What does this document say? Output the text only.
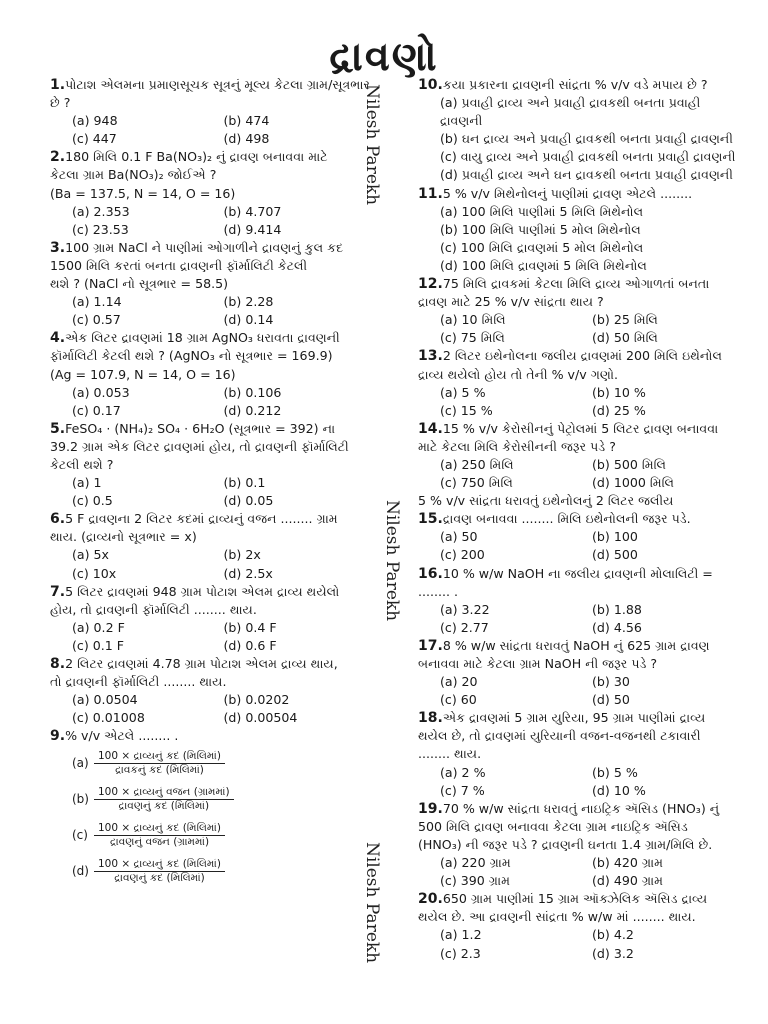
દ્રાવણો
1.પોટાશ એલમના પ્રમાણસૂચક સૂત્રનું મૂલ્ય કેટલા ગ્રામ/સૂત્રભાર
છે ?
(a) 948	(b) 474
(c) 447	(d) 498
2.180 મિલિ 0.1 F Ba(NO₃)₂ નું દ્રાવણ બનાવવા માટે
કેટલા ગ્રામ Ba(NO₃)₂ જોઈએ ?
(Ba = 137.5, N = 14, O = 16)
(a) 2.353	(b) 4.707
(c) 23.53	(d) 9.414
3.100 ગ્રામ NaCl ને પાણીમાં ઓગાળીને દ્રાવણનું કુલ કદ
1500 મિલિ કરતાં બનતા દ્રાવણની ફૉર્માલિટી કેટલી
થશે ? (NaCl નો સૂત્રભાર = 58.5)
(a) 1.14	(b) 2.28
(c) 0.57	(d) 0.14
4.એક લિટર દ્રાવણમાં 18 ગ્રામ AgNO₃ ધરાવતા દ્રાવણની
ફૉર્માલિટી કેટલી થશે ? (AgNO₃ નો સૂત્રભાર = 169.9)
(Ag = 107.9, N = 14, O = 16)
(a) 0.053	(b) 0.106
(c) 0.17	(d) 0.212
5.FeSO₄ · (NH₄)₂ SO₄ · 6H₂O (સૂત્રભાર = 392) ના
39.2 ગ્રામ એક લિટર દ્રાવણમાં હોય, તો દ્રાવણની ફૉર્માલિટી
કેટલી થશે ?
(a) 1	(b) 0.1
(c) 0.5	(d) 0.05
6.5 F દ્રાવણના 2 લિટર કદમાં દ્રાવ્યનું વજન ........ ગ્રામ
થાય. (દ્રાવ્યનો સૂત્રભાર = x)
(a) 5x	(b) 2x
(c) 10x	(d) 2.5x
7.5 લિટર દ્રાવણમાં 948 ગ્રામ પોટાશ એલમ દ્રાવ્ય થયેલો
હોય, તો દ્રાવણની ફૉર્માલિટી ........ થાય.
(a) 0.2 F	(b) 0.4 F
(c) 0.1 F	(d) 0.6 F
8.2 લિટર દ્રાવણમાં 4.78 ગ્રામ પોટાશ એલમ દ્રાવ્ય થાય,
તો દ્રાવણની ફૉર્માલિટી ........ થાય.
(a) 0.0504	(b) 0.0202
(c) 0.01008	(d) 0.00504
9.% v/v એટલે ........ .
$(a) \frac{\text{100 × દ્રાવ્યનું કદ (મિલિમાં)}}{\text{દ્રાવકનું કદ (મિલિમાં)}}$
$(b) \frac{\text{100 × દ્રાવ્યનું વજન (ગ્રામમાં)}}{\text{દ્રાવણનું કદ (મિલિમાં)}}$
$(c) \frac{\text{100 × દ્રાવ્યનું કદ (મિલિમાં)}}{\text{દ્રાવણનું વજન (ગ્રામમાં)}}$
$(d) \frac{\text{100 × દ્રાવ્યનું કદ (મિલિમાં)}}{\text{દ્રાવણનું કદ (મિલિમાં)}}$
10.કયા પ્રકારના દ્રાવણની સાંદ્રતા % v/v વડે મપાય છે ?
(a) પ્રવાહી દ્રાવ્ય અને પ્રવાહી દ્રાવકથી બનતા પ્રવાહી દ્રાવણની
(b) ઘન દ્રાવ્ય અને પ્રવાહી દ્રાવકથી બનતા પ્રવાહી દ્રાવણની
(c) વાયુ દ્રાવ્ય અને પ્રવાહી દ્રાવકથી બનતા પ્રવાહી દ્રાવણની
(d) પ્રવાહી દ્રાવ્ય અને ઘન દ્રાવકથી બનતા પ્રવાહી દ્રાવણની
11.5 % v/v મિથેનોલનું પાણીમાં દ્રાવણ એટલે ........
(a) 100 મિલિ પાણીમાં 5 મિલિ મિથેનોલ
(b) 100 મિલિ પાણીમાં 5 મોલ મિથેનોલ
(c) 100 મિલિ દ્રાવણમાં 5 મોલ મિથેનોલ
(d) 100 મિલિ દ્રાવણમાં 5 મિલિ મિથેનોલ
12.75 મિલિ દ્રાવકમાં કેટલા મિલિ દ્રાવ્ય ઓગાળતાં બનતા
દ્રાવણ માટે 25 % v/v સાંદ્રતા થાય ?
(a) 10 મિલિ	(b) 25 મિલિ
(c) 75 મિલિ	(d) 50 મિલિ
13.2 લિટર ઇથેનોલના જલીય દ્રાવણમાં 200 મિલિ ઇથેનોલ
દ્રાવ્ય થયેલો હોય તો તેની % v/v ગણો.
(a) 5 %	(b) 10 %
(c) 15 %	(d) 25 %
14.15 % v/v કેરોસીનનું પેટ્રોલમાં 5 લિટર દ્રાવણ બનાવવા
માટે કેટલા મિલિ કેરોસીનની જરૂર પડે ?
(a) 250 મિલિ	(b) 500 મિલિ
(c) 750 મિલિ	(d) 1000 મિલિ
5 % v/v સાંદ્રતા ધરાવતું ઇથેનોલનું 2 લિટર જલીય
15.દ્રાવણ બનાવવા ........ મિલિ ઇથેનોલની જરૂર પડે.
(a) 50	(b) 100
(c) 200	(d) 500
16.10 % w/w NaOH ના જલીય દ્રાવણની મોલાલિટી =
........ .
(a) 3.22	(b) 1.88
(c) 2.77	(d) 4.56
17.8 % w/w સાંદ્રતા ધરાવતું NaOH નું 625 ગ્રામ દ્રાવણ
બનાવવા માટે કેટલા ગ્રામ NaOH ની જરૂર પડે ?
(a) 20	(b) 30
(c) 60	(d) 50
18.એક દ્રાવણમાં 5 ગ્રામ યુરિયા, 95 ગ્રામ પાણીમાં દ્રાવ્ય
થયેલ છે, તો દ્રાવણમાં યુરિયાની વજન-વજનથી ટકાવારી
........ થાય.
(a) 2 %	(b) 5 %
(c) 7 %	(d) 10 %
19.70 % w/w સાંદ્રતા ધરાવતું નાઇટ્રિક ઍસિડ (HNO₃) નું
500 મિલિ દ્રાવણ બનાવવા કેટલા ગ્રામ નાઇટ્રિક ઍસિડ
(HNO₃) ની જરૂર પડે ? દ્રાવણની ઘનતા 1.4 ગ્રામ/મિલિ છે.
(a) 220 ગ્રામ	(b) 420 ગ્રામ
(c) 390 ગ્રામ	(d) 490 ગ્રામ
20.650 ગ્રામ પાણીમાં 15 ગ્રામ ઑક્ઝેલિક ઍસિડ દ્રાવ્ય
થયેલ છે. આ દ્રાવણની સાંદ્રતા % w/w માં ........ થાય.
(a) 1.2	(b) 4.2
(c) 2.3	(d) 3.2
Nilesh Parekh
Nilesh Parekh
Nilesh Parekh
